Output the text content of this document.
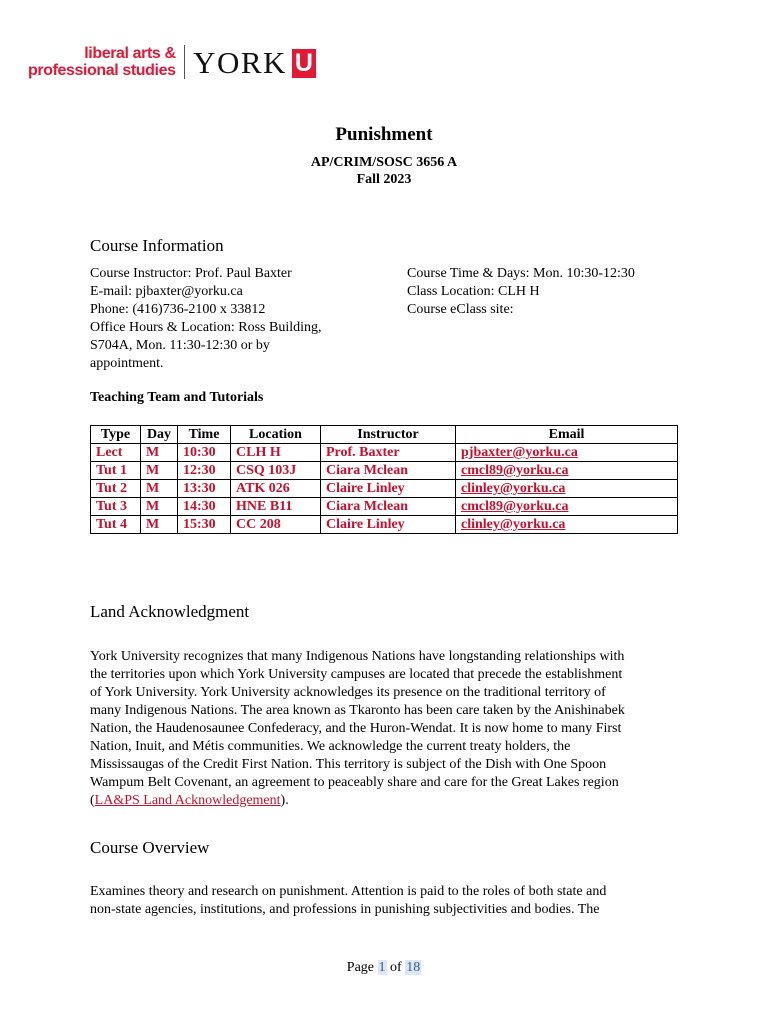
liberal arts &
professional studies YORK U
Punishment
AP/CRIM/SOSC 3656 A
Fall 2023
Course Information
Course Instructor: Prof. Paul Baxter
E-mail: pjbaxter@yorku.ca
Phone: (416)736-2100 x 33812
Office Hours & Location: Ross Building,
S704A, Mon. 11:30-12:30 or by
appointment.
Course Time & Days: Mon. 10:30-12:30
Class Location: CLH H
Course eClass site:
Teaching Team and Tutorials
Type	Day	Time	Location	Instructor	Email
Lect	M	10:30	CLH H	Prof. Baxter	pjbaxter@yorku.ca
Tut 1	M	12:30	CSQ 103J	Ciara Mclean	cmcl89@yorku.ca
Tut 2	M	13:30	ATK 026	Claire Linley	clinley@yorku.ca
Tut 3	M	14:30	HNE B11	Ciara Mclean	cmcl89@yorku.ca
Tut 4	M	15:30	CC 208	Claire Linley	clinley@yorku.ca
Land Acknowledgment
York University recognizes that many Indigenous Nations have longstanding relationships with
the territories upon which York University campuses are located that precede the establishment
of York University. York University acknowledges its presence on the traditional territory of
many Indigenous Nations. The area known as Tkaronto has been care taken by the Anishinabek
Nation, the Haudenosaunee Confederacy, and the Huron-Wendat. It is now home to many First
Nation, Inuit, and Métis communities. We acknowledge the current treaty holders, the
Mississaugas of the Credit First Nation. This territory is subject of the Dish with One Spoon
Wampum Belt Covenant, an agreement to peaceably share and care for the Great Lakes region
(LA&PS Land Acknowledgement).
Course Overview
Examines theory and research on punishment. Attention is paid to the roles of both state and
non-state agencies, institutions, and professions in punishing subjectivities and bodies. The
Page 1 of 18
